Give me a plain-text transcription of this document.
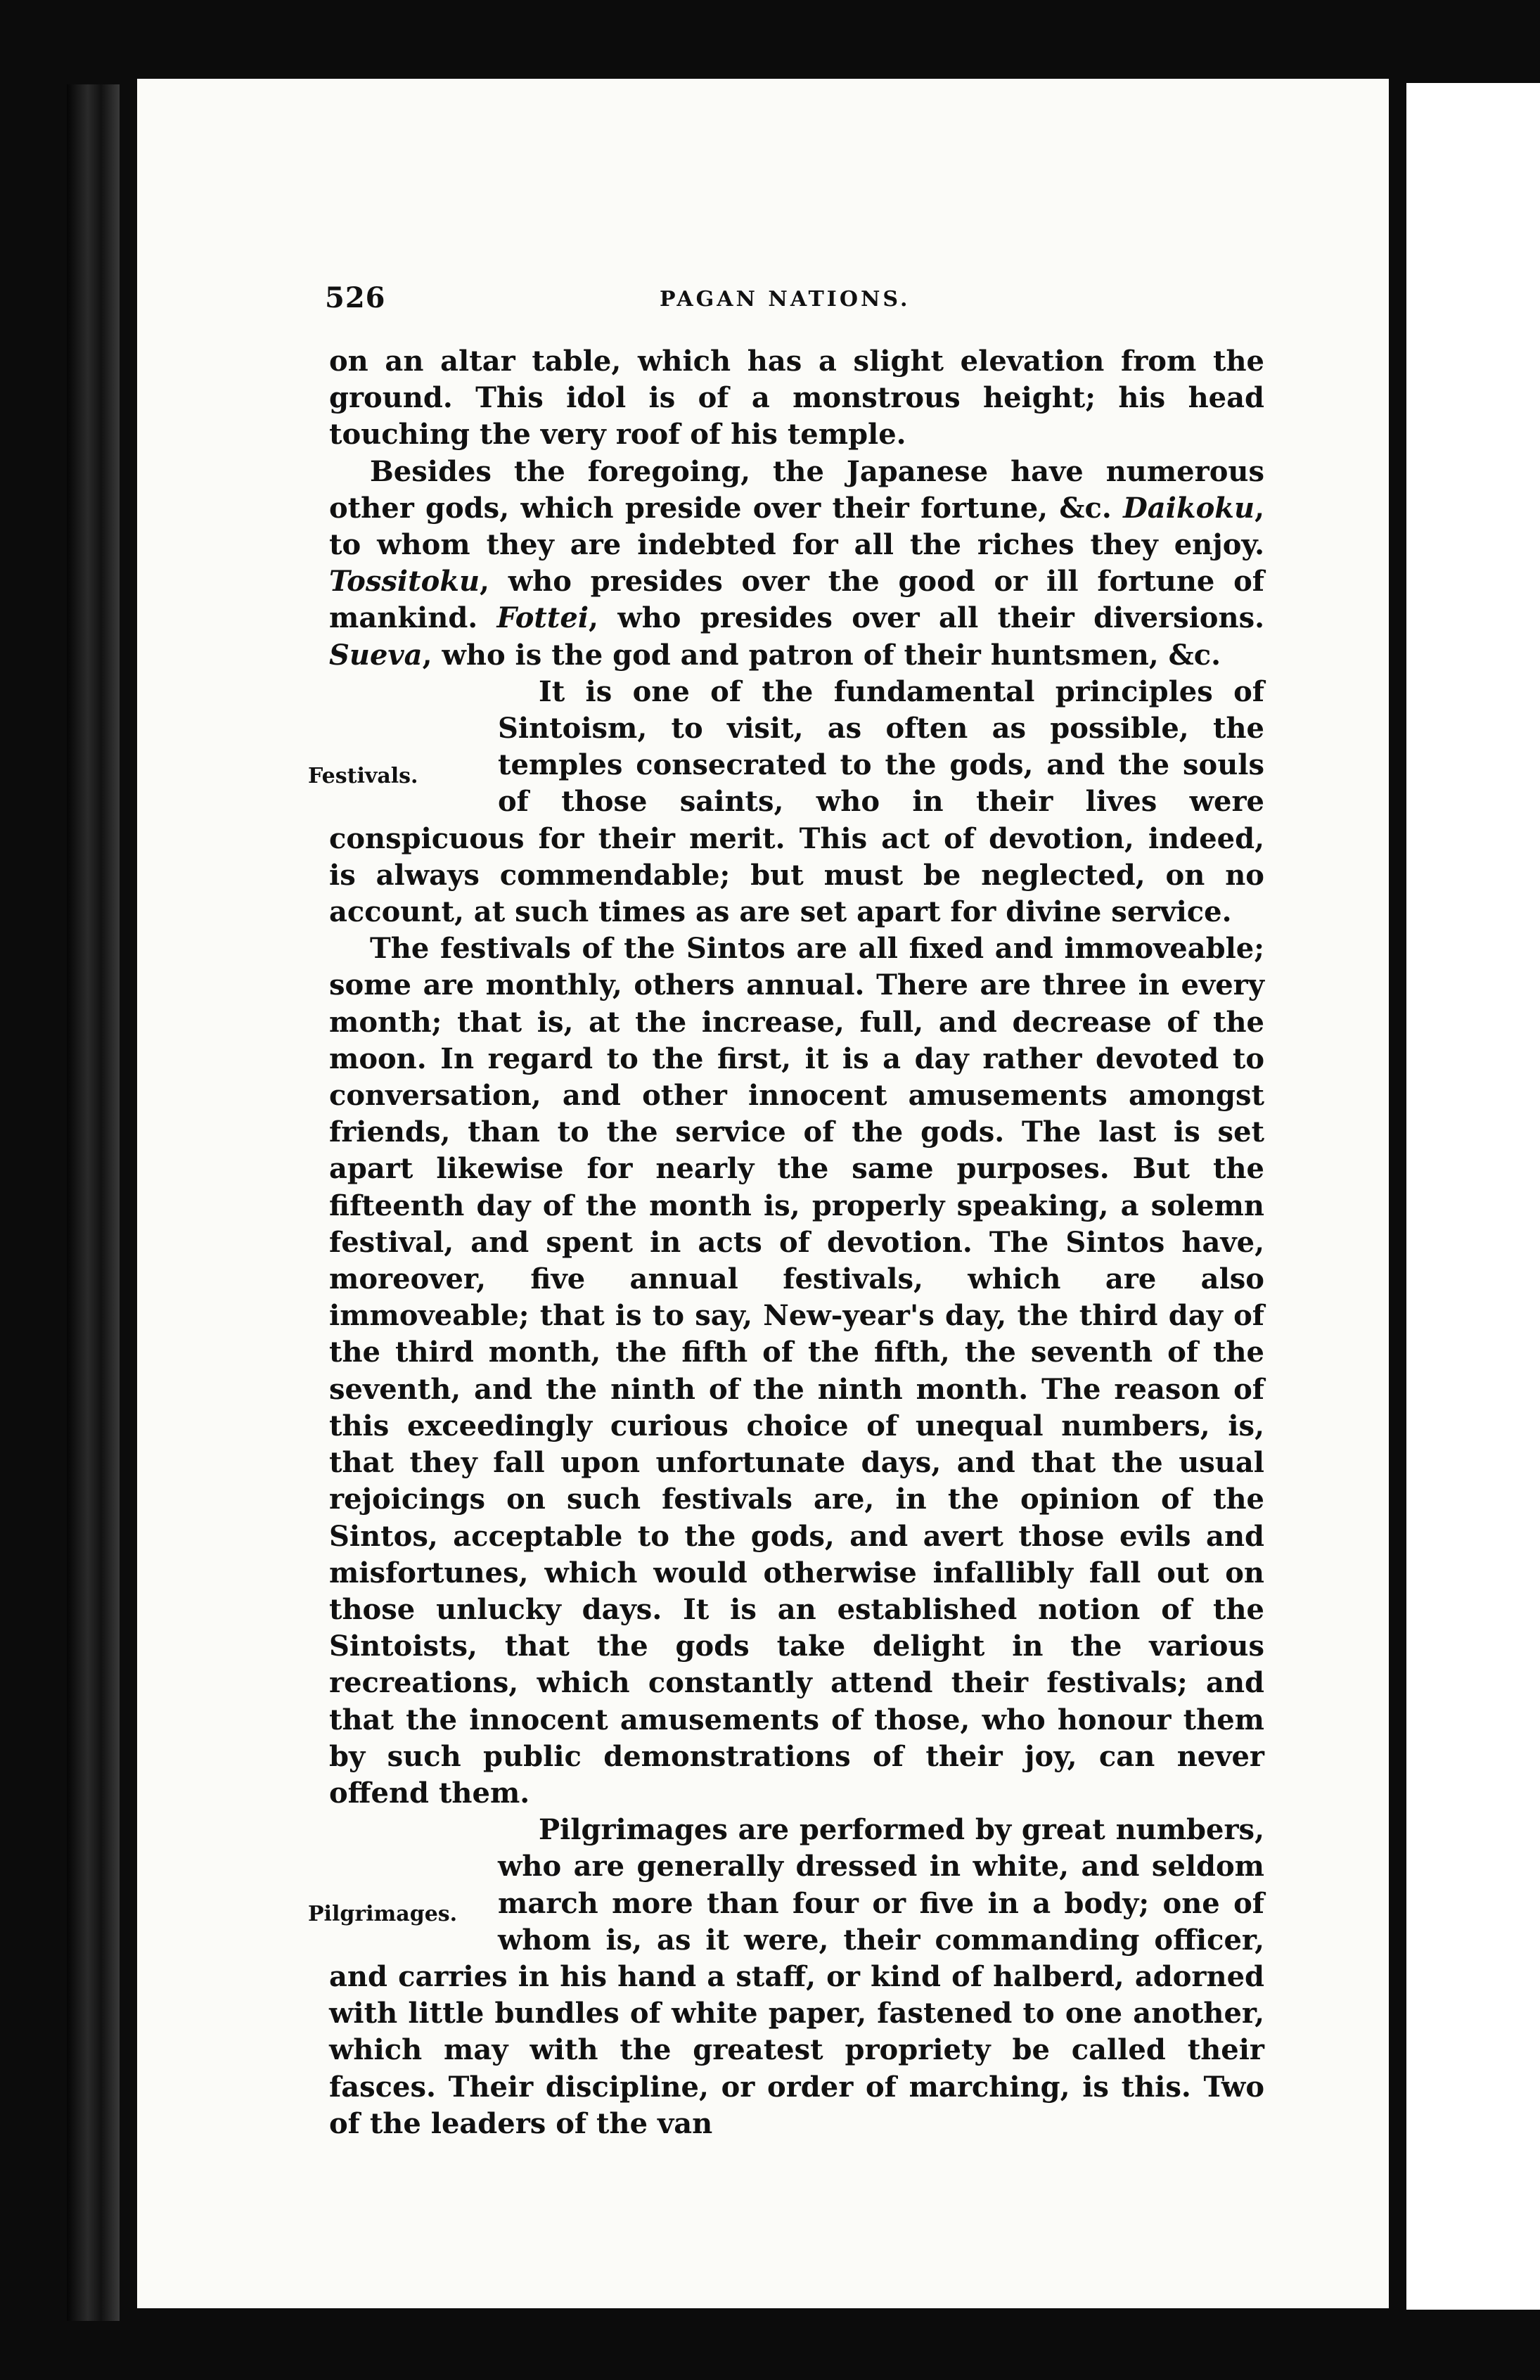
526	PAGAN NATIONS.

on an altar table, which has a slight elevation from the ground. This idol is of a monstrous height; his head touching the very roof of his temple.

Besides the foregoing, the Japanese have numerous other gods, which preside over their fortune, &c. Daikoku, to whom they are indebted for all the riches they enjoy. Tossitoku, who presides over the good or ill fortune of mankind. Fottei, who presides over all their diversions. Sueva, who is the god and patron of their huntsmen, &c.

Festivals.
It is one of the fundamental principles of Sintoism, to visit, as often as possible, the temples consecrated to the gods, and the souls of those saints, who in their lives were conspicuous for their merit. This act of devotion, indeed, is always commendable; but must be neglected, on no account, at such times as are set apart for divine service.

The festivals of the Sintos are all fixed and immoveable; some are monthly, others annual. There are three in every month; that is, at the increase, full, and decrease of the moon. In regard to the first, it is a day rather devoted to conversation, and other innocent amusements amongst friends, than to the service of the gods. The last is set apart likewise for nearly the same purposes. But the fifteenth day of the month is, properly speaking, a solemn festival, and spent in acts of devotion. The Sintos have, moreover, five annual festivals, which are also immoveable; that is to say, New-year's day, the third day of the third month, the fifth of the fifth, the seventh of the seventh, and the ninth of the ninth month. The reason of this exceedingly curious choice of unequal numbers, is, that they fall upon unfortunate days, and that the usual rejoicings on such festivals are, in the opinion of the Sintos, acceptable to the gods, and avert those evils and misfortunes, which would otherwise infallibly fall out on those unlucky days. It is an established notion of the Sintoists, that the gods take delight in the various recreations, which constantly attend their festivals; and that the innocent amusements of those, who honour them by such public demonstrations of their joy, can never offend them.

Pilgrimages.
Pilgrimages are performed by great numbers, who are generally dressed in white, and seldom march more than four or five in a body; one of whom is, as it were, their commanding officer, and carries in his hand a staff, or kind of halberd, adorned with little bundles of white paper, fastened to one another, which may with the greatest propriety be called their fasces. Their discipline, or order of marching, is this. Two of the leaders of the van
